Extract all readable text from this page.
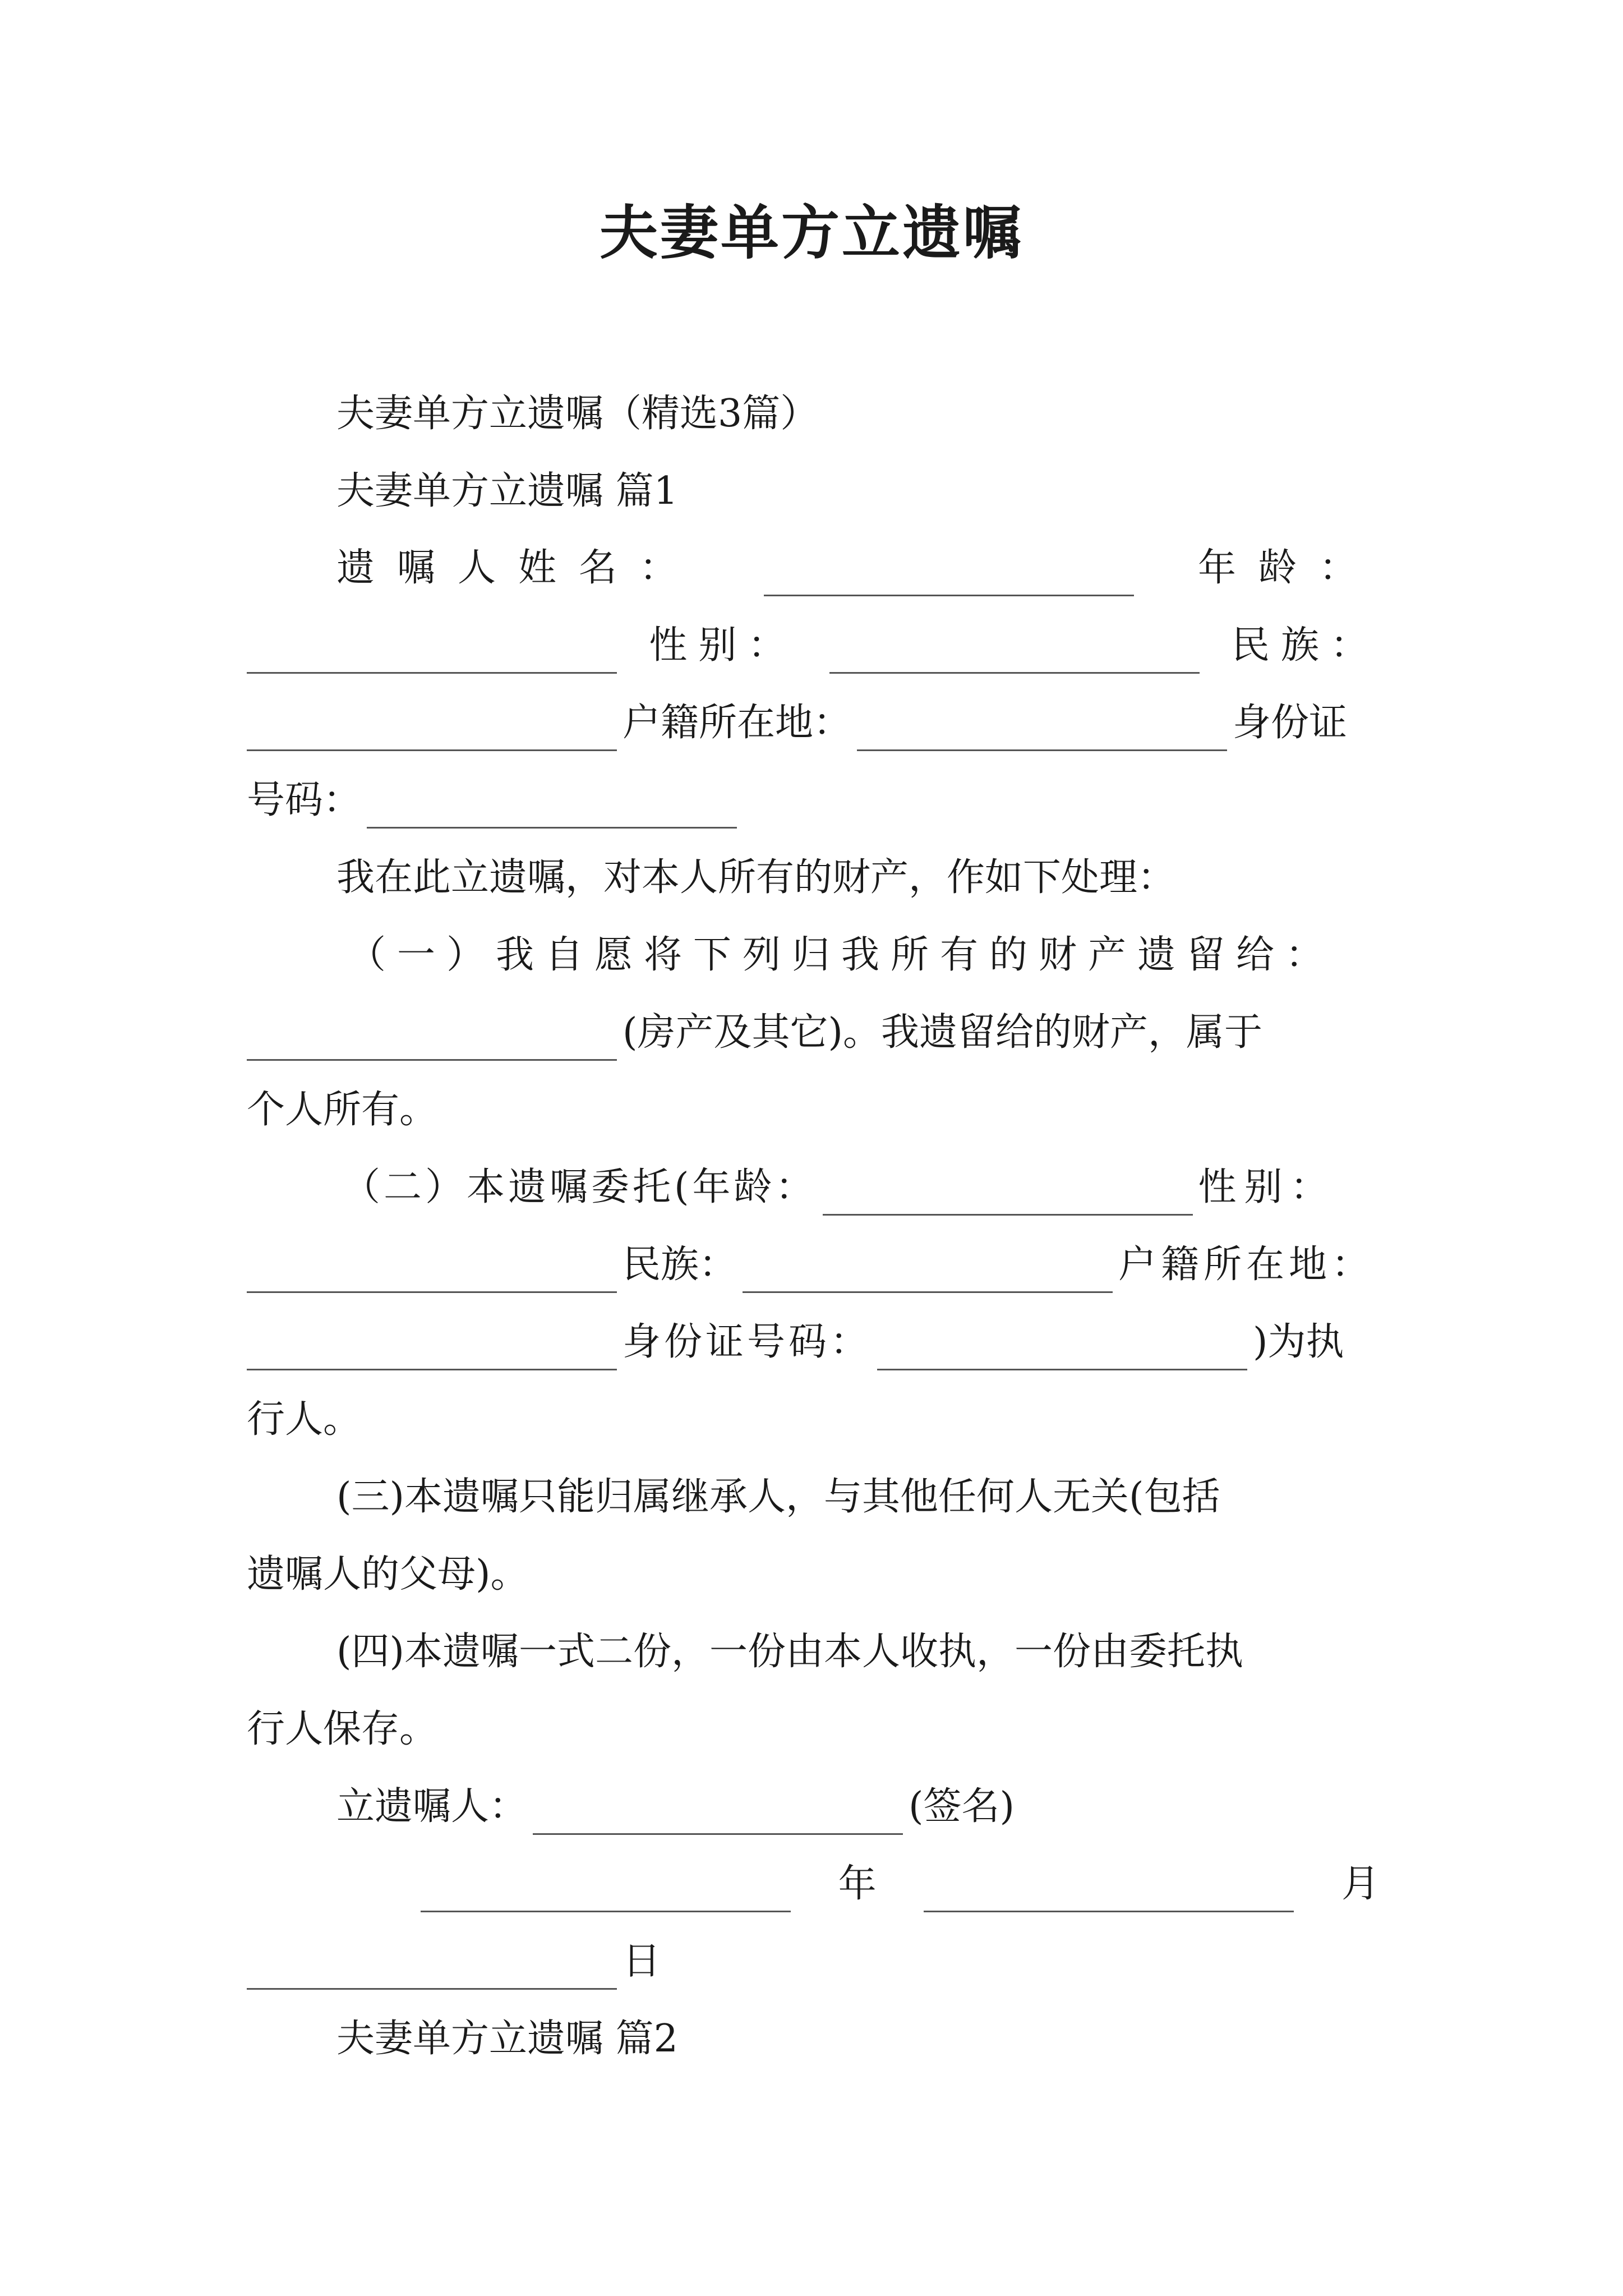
夫妻单方立遗嘱
夫妻单方立遗嘱（精选3篇）
夫妻单方立遗嘱 篇1
遗嘱人姓名：	年龄：
性别：	民族：
户籍所在地：	身份证
号码：
我在此立遗嘱，对本人所有的财产，作如下处理：
（一）我自愿将下列归我所有的财产遗留给：
(房产及其它)。我遗留给的财产，属于
个人所有。
（二）本遗嘱委托(年龄：	性别：
民族：	户籍所在地：
身份证号码：	)为执
行人。
(三)本遗嘱只能归属继承人，与其他任何人无关(包括
遗嘱人的父母)。
(四)本遗嘱一式二份，一份由本人收执，一份由委托执
行人保存。
立遗嘱人：	(签名)
年	月
日
夫妻单方立遗嘱 篇2
